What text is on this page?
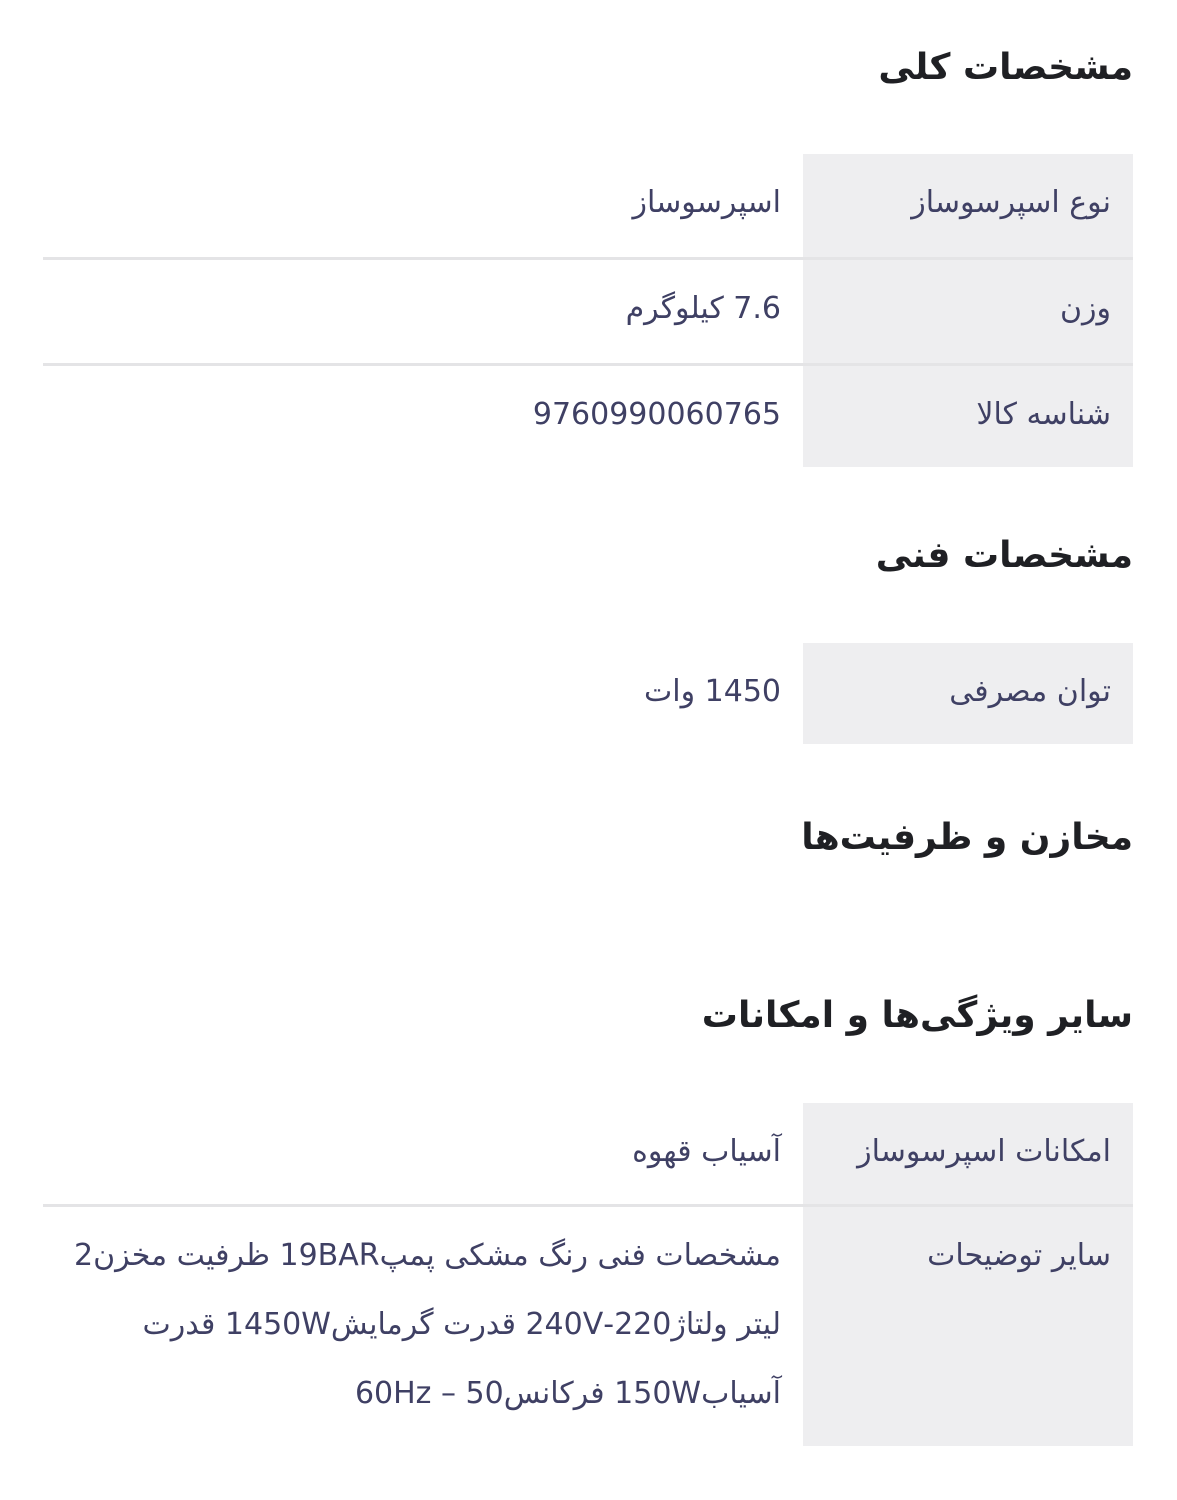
مشخصات کلی
نوع اسپرسوساز
اسپرسوساز
وزن
7.6 کیلوگرم
شناسه کالا
9760990060765
مشخصات فنی
توان مصرفی
1450 وات
مخازن و ظرفیت‌ها
سایر ویژگی‌ها و امکانات
امکانات اسپرسوساز
آسیاب قهوه
سایر توضیحات
مشخصات فنی رنگ مشکی پمپ19BAR ظرفیت مخزن2 لیتر ولتاژ220-240V قدرت گرمایش1450W قدرت آسیاب150W فرکانس50 – 60Hz
